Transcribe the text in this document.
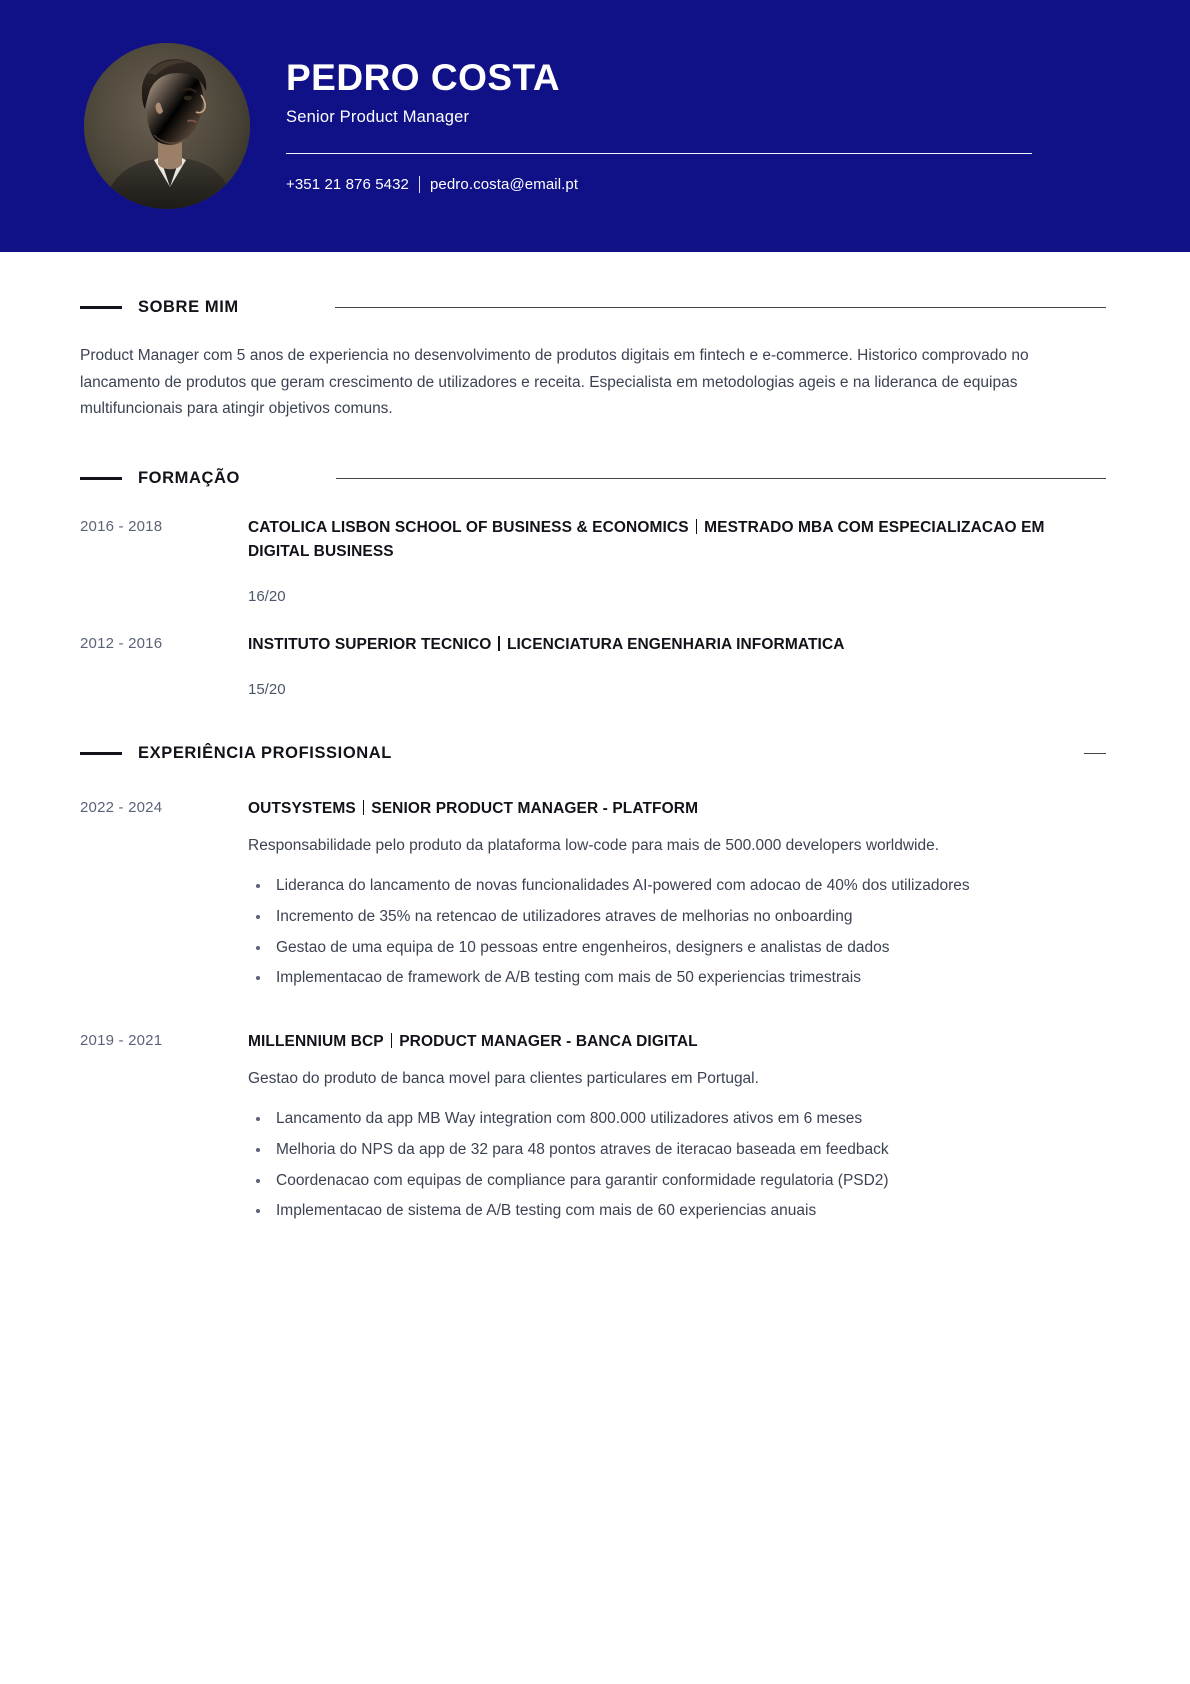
PEDRO COSTA

Senior Product Manager

+351 21 876 5432 pedro.costa@email.pt
SOBRE MIM

Product Manager com 5 anos de experiencia no desenvolvimento de produtos digitais em fintech e e-commerce. Historico comprovado no lancamento de produtos que geram crescimento de utilizadores e receita. Especialista em metodologias ageis e na lideranca de equipas multifuncionais para atingir objetivos comuns.

FORMAÇÃO
2016 - 2018	CATOLICA LISBON SCHOOL OF BUSINESS & ECONOMICS MESTRADO MBA COM ESPECIALIZACAO EM DIGITAL BUSINESS

16/20

2012 - 2016	INSTITUTO SUPERIOR TECNICO LICENCIATURA ENGENHARIA INFORMATICA

15/20

EXPERIÊNCIA PROFISSIONAL
2022 - 2024	OUTSYSTEMS SENIOR PRODUCT MANAGER - PLATFORM

Responsabilidade pelo produto da plataforma low-code para mais de 500.000 developers worldwide.

Lideranca do lancamento de novas funcionalidades AI-powered com adocao de 40% dos utilizadores
Incremento de 35% na retencao de utilizadores atraves de melhorias no onboarding
Gestao de uma equipa de 10 pessoas entre engenheiros, designers e analistas de dados
Implementacao de framework de A/B testing com mais de 50 experiencias trimestrais
2019 - 2021	MILLENNIUM BCP PRODUCT MANAGER - BANCA DIGITAL

Gestao do produto de banca movel para clientes particulares em Portugal.

Lancamento da app MB Way integration com 800.000 utilizadores ativos em 6 meses
Melhoria do NPS da app de 32 para 48 pontos atraves de iteracao baseada em feedback
Coordenacao com equipas de compliance para garantir conformidade regulatoria (PSD2)
Implementacao de sistema de A/B testing com mais de 60 experiencias anuais
